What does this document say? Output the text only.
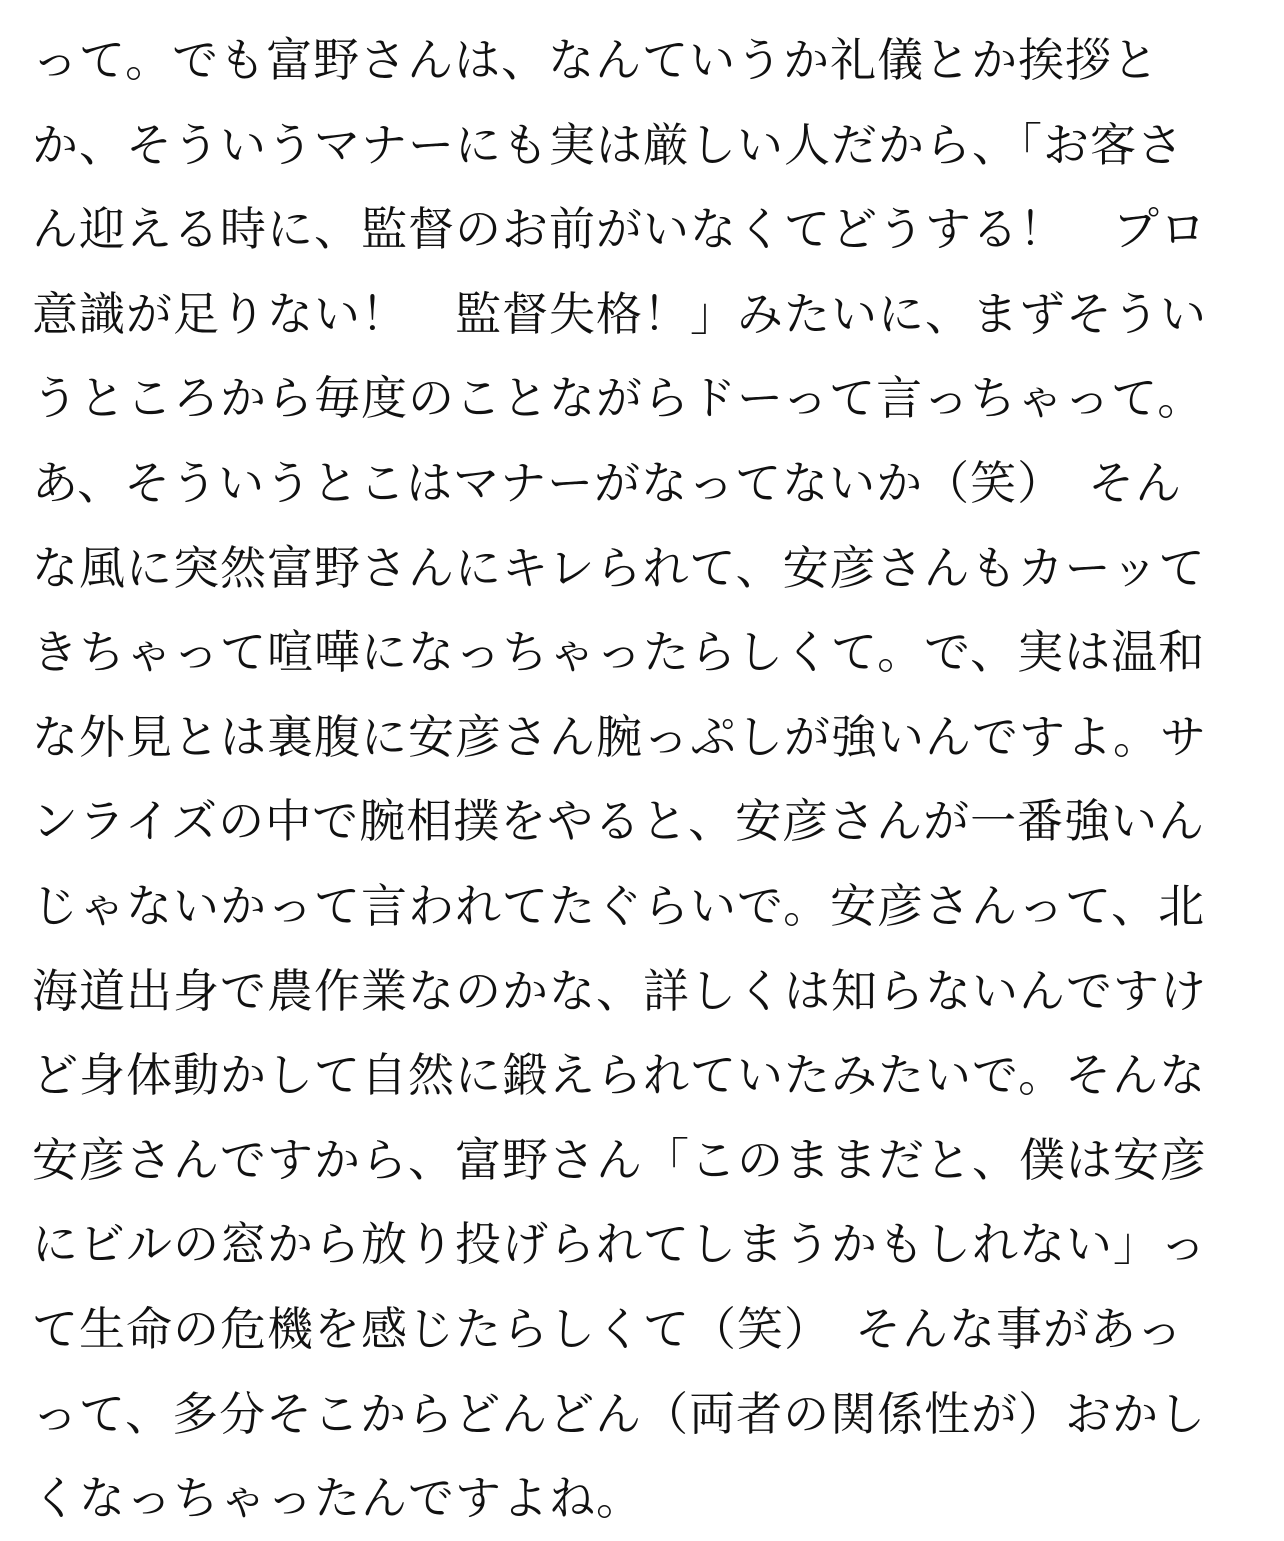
って。でも富野さんは、なんていうか礼儀とか挨拶と
か、そういうマナーにも実は厳しい人だから、「お客さ
ん迎える時に、監督のお前がいなくてどうする！　プロ
意識が足りない！　監督失格！」みたいに、まずそうい
うところから毎度のことながらドーって言っちゃって。
あ、そういうとこはマナーがなってないか（笑）　そん
な風に突然富野さんにキレられて、安彦さんもカーッて
きちゃって喧嘩になっちゃったらしくて。で、実は温和
な外見とは裏腹に安彦さん腕っぷしが強いんですよ。サ
ンライズの中で腕相撲をやると、安彦さんが一番強いん
じゃないかって言われてたぐらいで。安彦さんって、北
海道出身で農作業なのかな、詳しくは知らないんですけ
ど身体動かして自然に鍛えられていたみたいで。そんな
安彦さんですから、富野さん「このままだと、僕は安彦
にビルの窓から放り投げられてしまうかもしれない」っ
て生命の危機を感じたらしくて（笑）　そんな事があっ
って、多分そこからどんどん（両者の関係性が）おかし
くなっちゃったんですよね。
